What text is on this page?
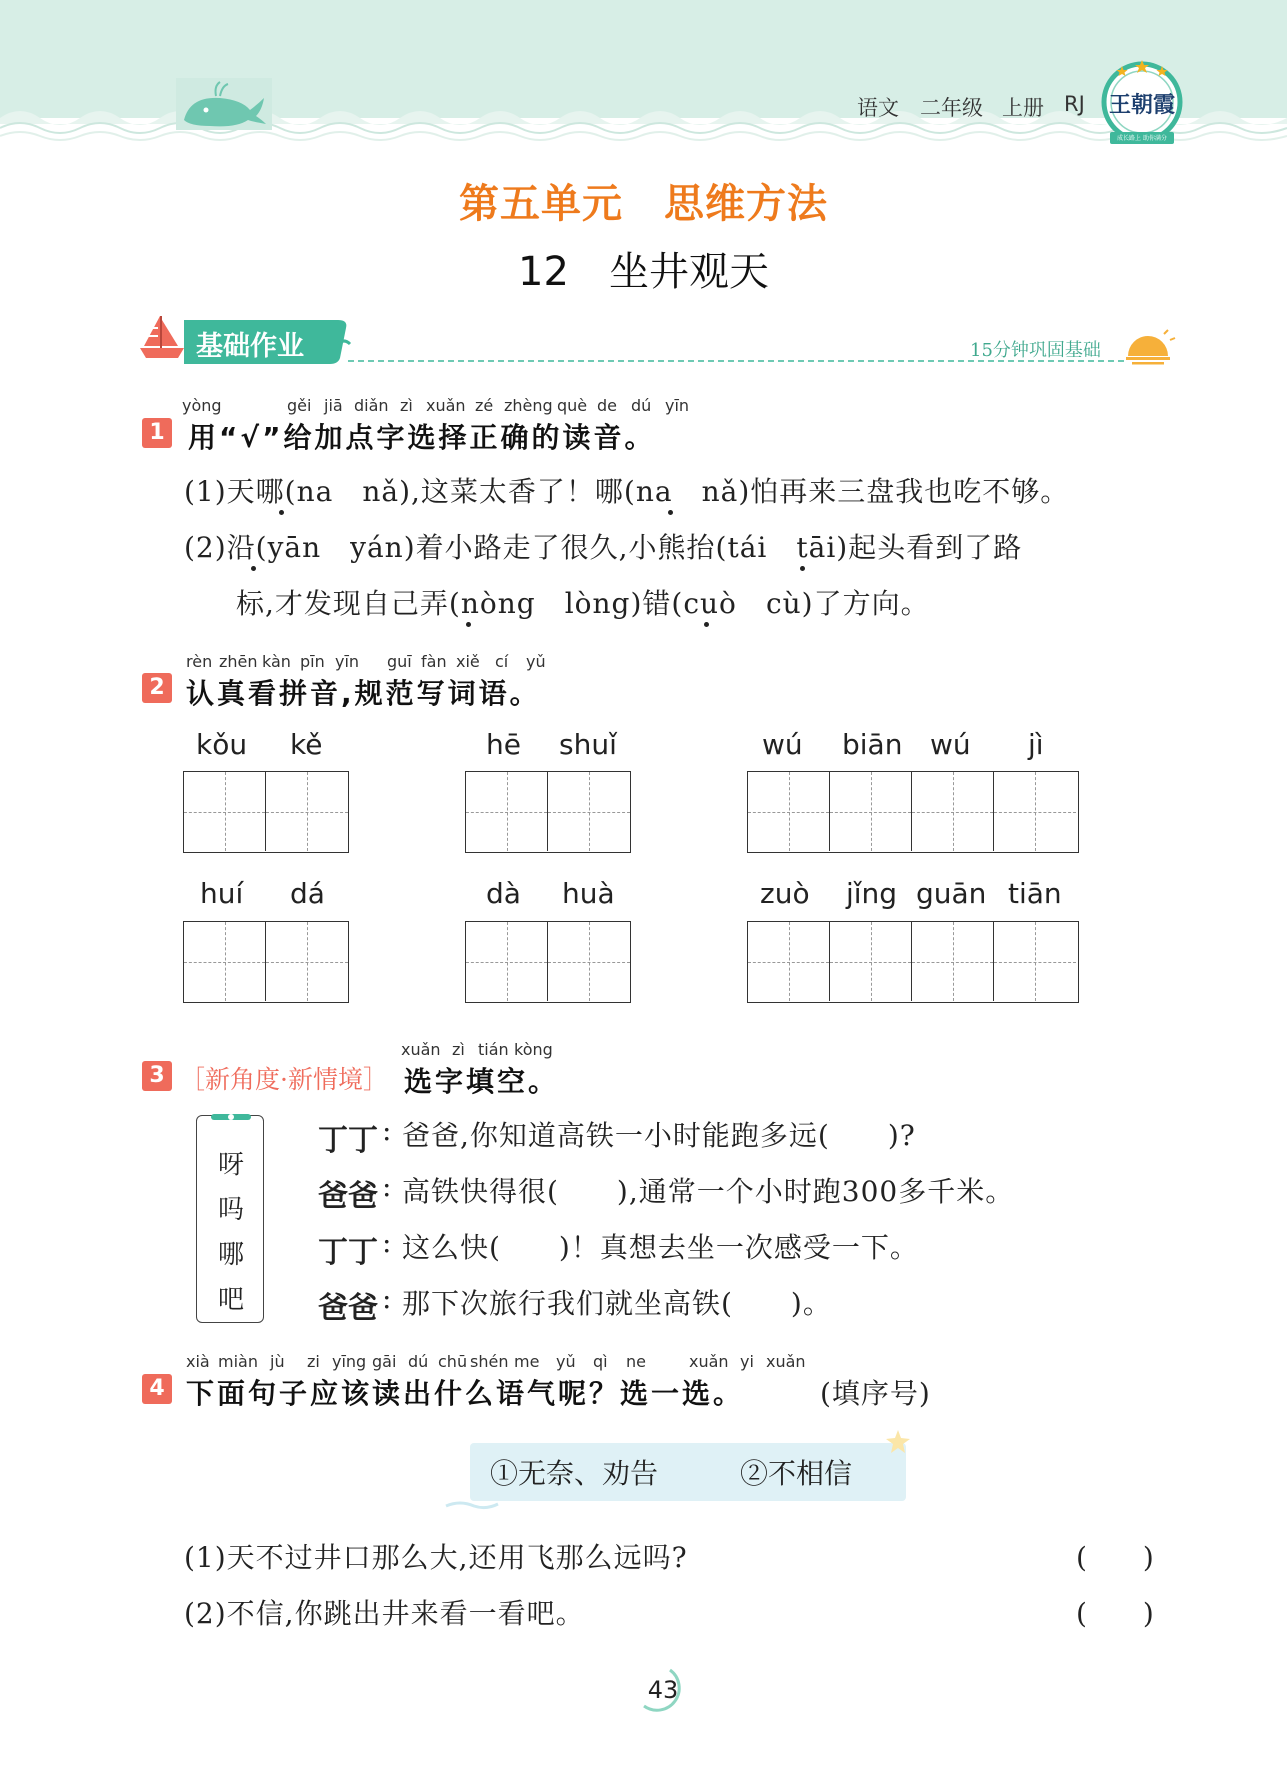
语文 二年级 上册 RJ 王朝霞
成长路上 助你满分
第五单元　思维方法
12　坐井观天
基础作业	15分钟巩固基础
1
yòng	gěi jiā diǎn zì xuǎn zé zhèng què de dú yīn
用“√”给加点字选择正确的读音。
(1)天哪(na　 nǎ),这菜太香了！哪(na　 nǎ)怕再来三盘我也吃不够。
(2)沿(yān　 yán)着小路走了很久,小熊抬(tái　 tāi)起头看到了路
标,才发现自己弄(nòng　 lòng)错(cuò　 cù)了方向。
2
rèn zhēn kàn pīn yīn guī fàn xiě cí yǔ
认真看拼音,规范写词语。
kǒu kě	hē shuǐ	wú biān wú jì
huí dá	dà huà	zuò jǐng guān tiān
3 ［新角度·新情境］
xuǎn zì tián kòng
选字填空。
呀
吗
哪
吧
丁丁 : 爸爸,你知道高铁一小时能跑多远(　　)?
爸爸 : 高铁快得很(　　),通常一个小时跑300多千米。
丁丁 : 这么快(　　)！真想去坐一次感受一下。
爸爸 : 那下次旅行我们就坐高铁(　　)。
4
xià miàn jù zi yīng gāi dú chū shén me yǔ qì ne	xuǎn yi xuǎn
下面句子应该读出什么语气呢？选一选。	(填序号)
①无奈、劝告	②不相信
(1)天不过井口那么大,还用飞那么远吗?	(　　)
(2)不信,你跳出井来看一看吧。	(　　)
43
